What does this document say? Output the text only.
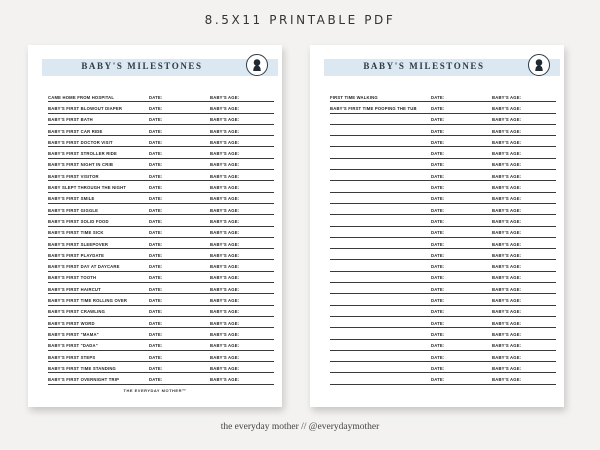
8.5X11 PRINTABLE PDF
BABY'S MILESTONES
CAME HOME FROM HOSPITAL	DATE:	BABY'S AGE:
BABY'S FIRST BLOWOUT DIAPER	DATE:	BABY'S AGE:
BABY'S FIRST BATH	DATE:	BABY'S AGE:
BABY'S FIRST CAR RIDE	DATE:	BABY'S AGE:
BABY'S FIRST DOCTOR VISIT	DATE:	BABY'S AGE:
BABY'S FIRST STROLLER RIDE	DATE:	BABY'S AGE:
BABY'S FIRST NIGHT IN CRIB	DATE:	BABY'S AGE:
BABY'S FIRST VISITOR	DATE:	BABY'S AGE:
BABY SLEPT THROUGH THE NIGHT	DATE:	BABY'S AGE:
BABY'S FIRST SMILE	DATE:	BABY'S AGE:
BABY'S FIRST GIGGLE	DATE:	BABY'S AGE:
BABY'S FIRST SOLID FOOD	DATE:	BABY'S AGE:
BABY'S FIRST TIME SICK	DATE:	BABY'S AGE:
BABY'S FIRST SLEEPOVER	DATE:	BABY'S AGE:
BABY'S FIRST PLAYDATE	DATE:	BABY'S AGE:
BABY'S FIRST DAY AT DAYCARE	DATE:	BABY'S AGE:
BABY'S FIRST TOOTH	DATE:	BABY'S AGE:
BABY'S FIRST HAIRCUT	DATE:	BABY'S AGE:
BABY'S FIRST TIME ROLLING OVER	DATE:	BABY'S AGE:
BABY'S FIRST CRAWLING	DATE:	BABY'S AGE:
BABY'S FIRST WORD	DATE:	BABY'S AGE:
BABY'S FIRST "MAMA"	DATE:	BABY'S AGE:
BABY'S FIRST "DADA"	DATE:	BABY'S AGE:
BABY'S FIRST STEPS	DATE:	BABY'S AGE:
BABY'S FIRST TIME STANDING	DATE:	BABY'S AGE:
BABY'S FIRST OVERNIGHT TRIP	DATE:	BABY'S AGE:
THE EVERYDAY MOTHER™
BABY'S MILESTONES
FIRST TIME WALKING	DATE:	BABY'S AGE:
BABY'S FIRST TIME POOPING THE TUB	DATE:	BABY'S AGE:
DATE:	BABY'S AGE:
DATE:	BABY'S AGE:
DATE:	BABY'S AGE:
DATE:	BABY'S AGE:
DATE:	BABY'S AGE:
DATE:	BABY'S AGE:
DATE:	BABY'S AGE:
DATE:	BABY'S AGE:
DATE:	BABY'S AGE:
DATE:	BABY'S AGE:
DATE:	BABY'S AGE:
DATE:	BABY'S AGE:
DATE:	BABY'S AGE:
DATE:	BABY'S AGE:
DATE:	BABY'S AGE:
DATE:	BABY'S AGE:
DATE:	BABY'S AGE:
DATE:	BABY'S AGE:
DATE:	BABY'S AGE:
DATE:	BABY'S AGE:
DATE:	BABY'S AGE:
DATE:	BABY'S AGE:
DATE:	BABY'S AGE:
DATE:	BABY'S AGE:
the everyday mother // @everydaymother
